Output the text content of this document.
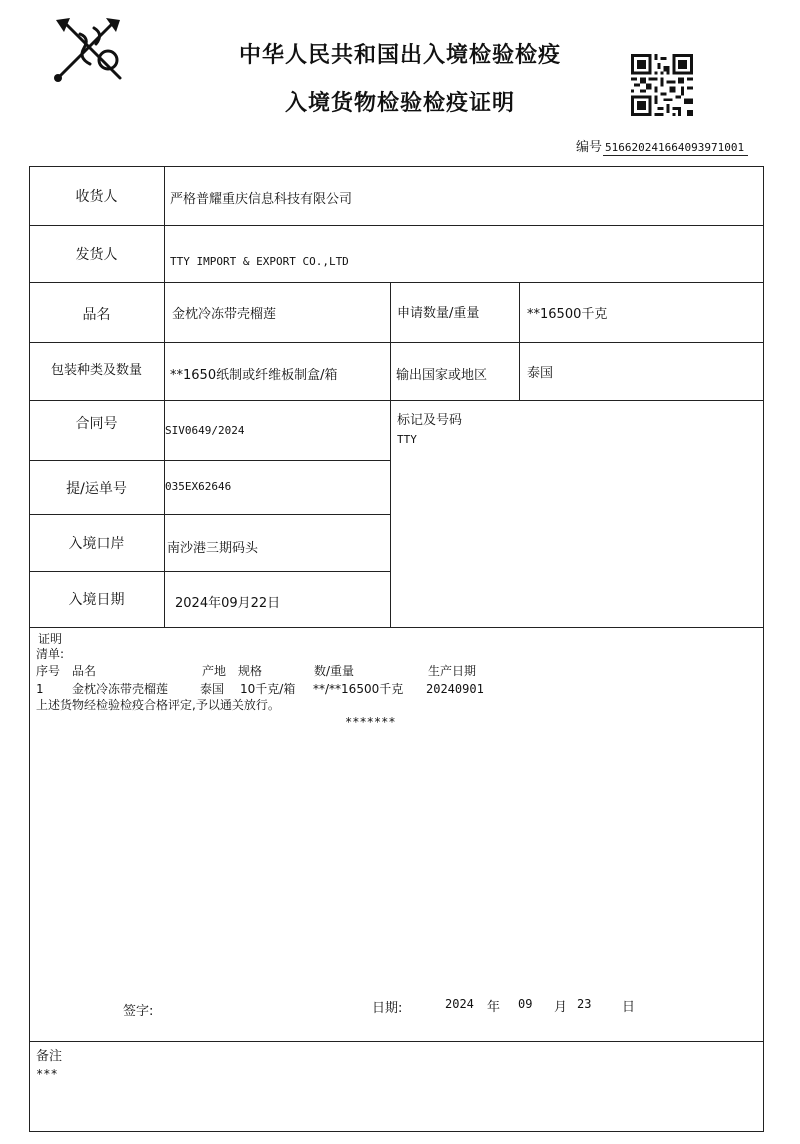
中华人民共和国出入境检验检疫
入境货物检验检疫证明
编号 516620241664093971001
收货人	严格普耀重庆信息科技有限公司
发货人	TTY IMPORT & EXPORT CO.,LTD
品名	金枕冷冻带壳榴莲	申请数量/重量	**16500千克
包装种类及数量	**1650纸制或纤维板制盒/箱	输出国家或地区	泰国
合同号	SIV0649/2024
标记及号码
TTY
提/运单号	035EX62646
入境口岸	南沙港三期码头
入境日期	2024年09月22日
证明
清单:
序号 品名	产地 规格	数/重量	生产日期
1 金枕冷冻带壳榴莲	泰国 10千克/箱 **/**16500千克 20240901
上述货物经检验检疫合格评定,予以通关放行。
*******
签字:	日期:	2024 年 09 月 23 日
备注
***
